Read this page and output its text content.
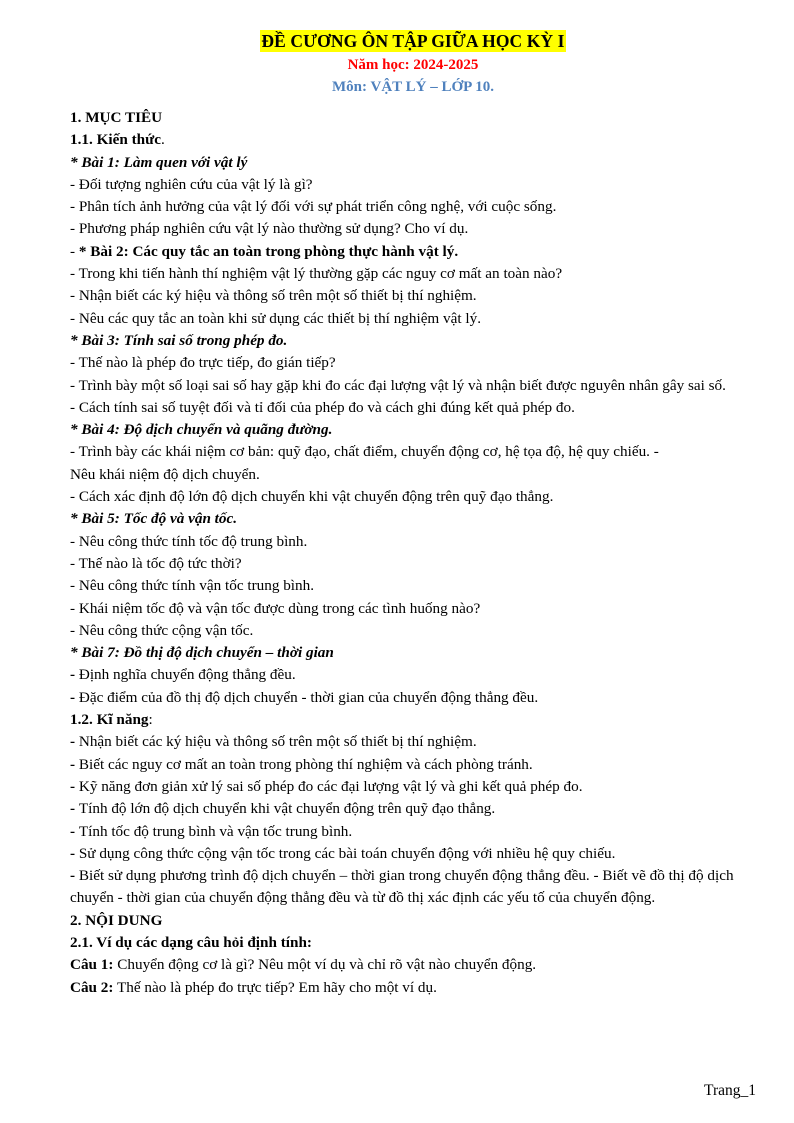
ĐỀ CƯƠNG ÔN TẬP GIỮA HỌC KỲ I
Năm học: 2024-2025
Môn: VẬT LÝ – LỚP 10.
1. MỤC TIÊU
1.1. Kiến thức.
* Bài 1: Làm quen với vật lý
- Đối tượng nghiên cứu của vật lý là gì?
- Phân tích ảnh hưởng của vật lý đối với sự phát triển công nghệ, với cuộc sống.
- Phương pháp nghiên cứu vật lý nào thường sử dụng? Cho ví dụ.
- * Bài 2: Các quy tắc an toàn trong phòng thực hành vật lý.
- Trong khi tiến hành thí nghiệm vật lý thường gặp các nguy cơ mất an toàn nào?
- Nhận biết các ký hiệu và thông số trên một số thiết bị thí nghiệm.
- Nêu các quy tắc an toàn khi sử dụng các thiết bị thí nghiệm vật lý.
* Bài 3: Tính sai số trong phép đo.
- Thế nào là phép đo trực tiếp, đo gián tiếp?
- Trình bày một số loại sai số hay gặp khi đo các đại lượng vật lý và nhận biết được nguyên nhân gây sai số.
- Cách tính sai số tuyệt đối và tỉ đối của phép đo và cách ghi đúng kết quả phép đo.
* Bài 4: Độ dịch chuyển và quãng đường.
- Trình bày các khái niệm cơ bản: quỹ đạo, chất điểm, chuyển động cơ, hệ tọa độ, hệ quy chiếu. -
Nêu khái niệm độ dịch chuyển.
- Cách xác định độ lớn độ dịch chuyển khi vật chuyển động trên quỹ đạo thẳng.
* Bài 5: Tốc độ và vận tốc.
- Nêu công thức tính tốc độ trung bình.
- Thế nào là tốc độ tức thời?
- Nêu công thức tính vận tốc trung bình.
- Khái niệm tốc độ và vận tốc được dùng trong các tình huống nào?
- Nêu công thức cộng vận tốc.
* Bài 7: Đồ thị độ dịch chuyển – thời gian
- Định nghĩa chuyển động thẳng đều.
- Đặc điểm của đồ thị độ dịch chuyển - thời gian của chuyển động thẳng đều.
1.2. Kĩ năng:
- Nhận biết các ký hiệu và thông số trên một số thiết bị thí nghiệm.
- Biết các nguy cơ mất an toàn trong phòng thí nghiệm và cách phòng tránh.
- Kỹ năng đơn giản xử lý sai số phép đo các đại lượng vật lý và ghi kết quả phép đo.
- Tính độ lớn độ dịch chuyển khi vật chuyển động trên quỹ đạo thẳng.
- Tính tốc độ trung bình và vận tốc trung bình.
- Sử dụng công thức cộng vận tốc trong các bài toán chuyển động với nhiều hệ quy chiếu.
- Biết sử dụng phương trình độ dịch chuyển – thời gian trong chuyển động thẳng đều. - Biết vẽ đồ thị độ dịch chuyển - thời gian của chuyển động thẳng đều và từ đồ thị xác định các yếu tố của chuyển động.
2. NỘI DUNG
2.1. Ví dụ các dạng câu hỏi định tính:
Câu 1: Chuyển động cơ là gì? Nêu một ví dụ và chỉ rõ vật nào chuyển động.
Câu 2: Thế nào là phép đo trực tiếp? Em hãy cho một ví dụ.
Trang_1
